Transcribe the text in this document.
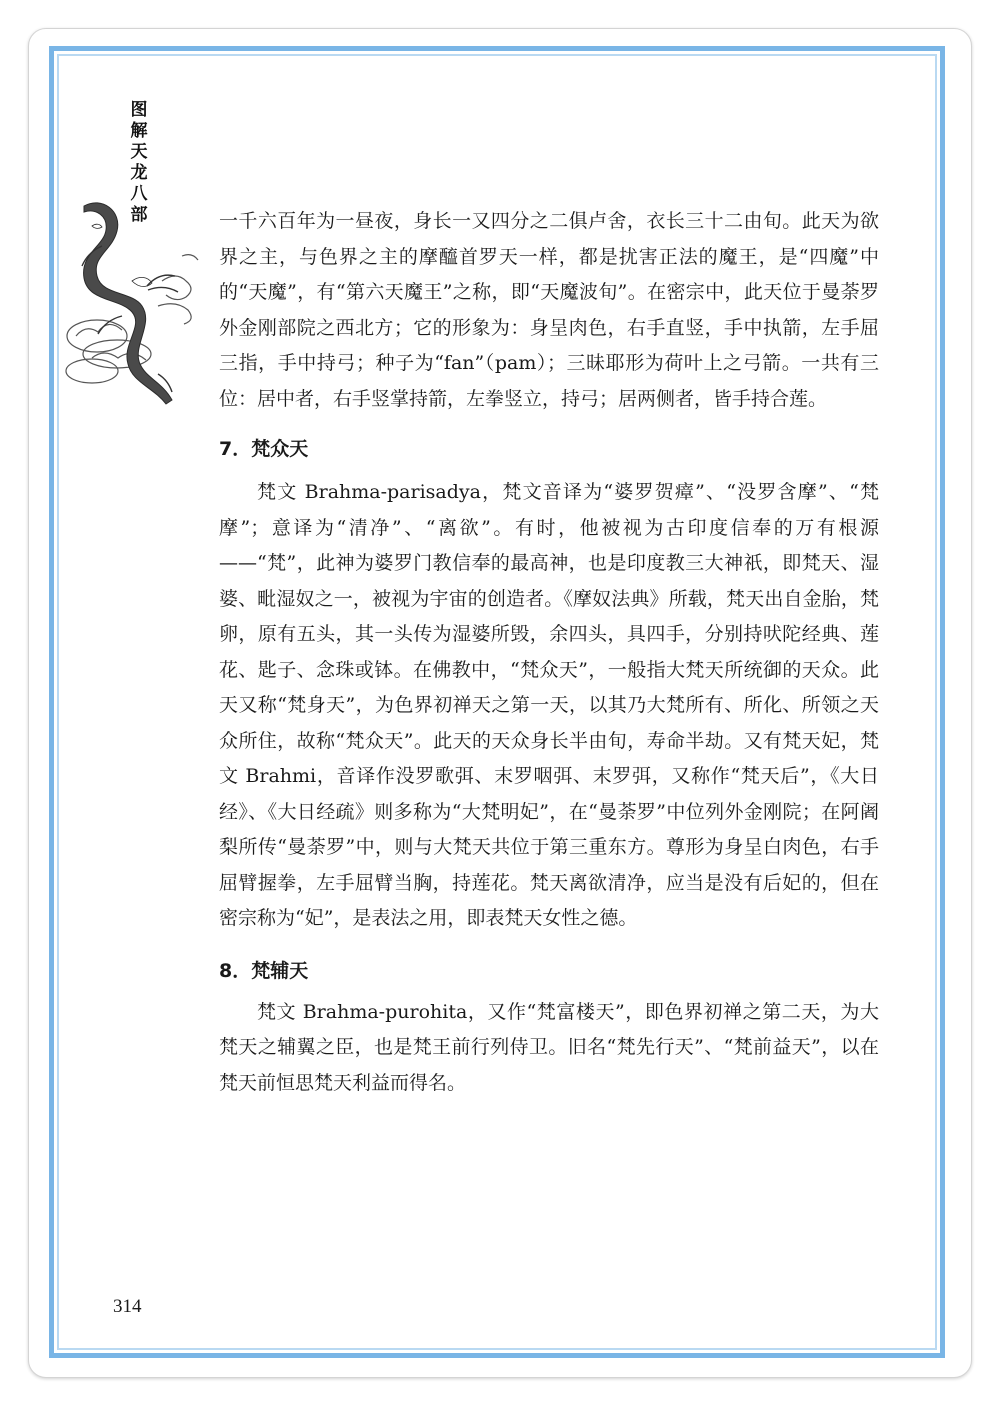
图
解
天
龙
八
部	一千六百年为一昼夜，身长一又四分之二俱卢舍，衣长三十二由旬。此天为欲界之主，与色界之主的摩醯首罗天一样，都是扰害正法的魔王，是“四魔”中的“天魔”，有“第六天魔王”之称，即“天魔波旬”。在密宗中，此天位于曼荼罗外金刚部院之西北方；它的形象为：身呈肉色，右手直竖，手中执箭，左手屈三指，手中持弓；种子为“fan”（pam）；三昧耶形为荷叶上之弓箭。一共有三位：居中者，右手竖掌持箭，左拳竖立，持弓；居两侧者，皆手持合莲。

7．梵众天

梵文 Brahma-parisadya，梵文音译为“婆罗贺瘴”、“没罗含摩”、“梵摩”；意译为“清净”、“离欲”。有时，他被视为古印度信奉的万有根源——“梵”，此神为婆罗门教信奉的最高神，也是印度教三大神祇，即梵天、湿婆、毗湿奴之一，被视为宇宙的创造者。《摩奴法典》所载，梵天出自金胎，梵卵，原有五头，其一头传为湿婆所毁，余四头，具四手，分别持吠陀经典、莲花、匙子、念珠或钵。在佛教中，“梵众天”，一般指大梵天所统御的天众。此天又称“梵身天”，为色界初禅天之第一天，以其乃大梵所有、所化、所领之天众所住，故称“梵众天”。此天的天众身长半由旬，寿命半劫。又有梵天妃，梵文 Brahmi，音译作没罗歌弭、末罗咽弭、末罗弭，又称作“梵天后”，《大日经》、《大日经疏》则多称为“大梵明妃”，在“曼荼罗”中位列外金刚院；在阿阇梨所传“曼荼罗”中，则与大梵天共位于第三重东方。尊形为身呈白肉色，右手屈臂握拳，左手屈臂当胸，持莲花。梵天离欲清净，应当是没有后妃的，但在密宗称为“妃”，是表法之用，即表梵天女性之德。

8．梵辅天

梵文 Brahma-purohita，又作“梵富楼天”，即色界初禅之第二天，为大梵天之辅翼之臣，也是梵王前行列侍卫。旧名“梵先行天”、“梵前益天”，以在梵天前恒思梵天利益而得名。

314
